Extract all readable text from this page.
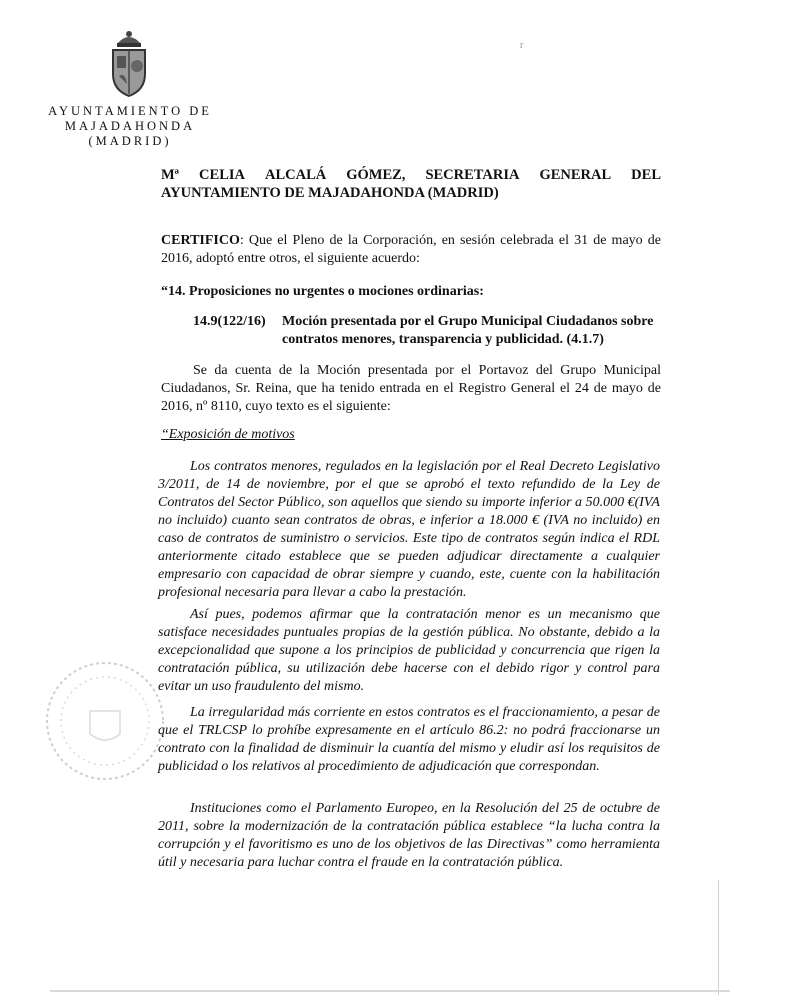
AYUNTAMIENTO DE
MAJADAHONDA
(MADRID)
r
Mª CELIA ALCALÁ GÓMEZ, SECRETARIA GENERAL DEL
AYUNTAMIENTO DE MAJADAHONDA (MADRID)
CERTIFICO: Que el Pleno de la Corporación, en sesión celebrada el 31 de mayo de 2016, adoptó entre otros, el siguiente acuerdo:
“14. Proposiciones no urgentes o mociones ordinarias:
14.9(122/16)	Moción presentada por el Grupo Municipal Ciudadanos sobre contratos menores, transparencia y publicidad. (4.1.7)
Se da cuenta de la Moción presentada por el Portavoz del Grupo Municipal Ciudadanos, Sr. Reina, que ha tenido entrada en el Registro General el 24 de mayo de 2016, nº 8110, cuyo texto es el siguiente:
“Exposición de motivos
Los contratos menores, regulados en la legislación por el Real Decreto Legislativo 3/2011, de 14 de noviembre, por el que se aprobó el texto refundido de la Ley de Contratos del Sector Público, son aquellos que siendo su importe inferior a 50.000 €(IVA no incluido) cuanto sean contratos de obras, e inferior a 18.000 € (IVA no incluido) en caso de contratos de suministro o servicios. Este tipo de contratos según indica el RDL anteriormente citado establece que se pueden adjudicar directamente a cualquier empresario con capacidad de obrar siempre y cuando, este, cuente con la habilitación profesional necesaria para llevar a cabo la prestación.
Así pues, podemos afirmar que la contratación menor es un mecanismo que satisface necesidades puntuales propias de la gestión pública. No obstante, debido a la excepcionalidad que supone a los principios de publicidad y concurrencia que rigen la contratación pública, su utilización debe hacerse con el debido rigor y control para evitar un uso fraudulento del mismo.
La irregularidad más corriente en estos contratos es el fraccionamiento, a pesar de que el TRLCSP lo prohíbe expresamente en el artículo 86.2: no podrá fraccionarse un contrato con la finalidad de disminuir la cuantía del mismo y eludir así los requisitos de publicidad o los relativos al procedimiento de adjudicación que correspondan.
Instituciones como el Parlamento Europeo, en la Resolución del 25 de octubre de 2011, sobre la modernización de la contratación pública establece “la lucha contra la corrupción y el favoritismo es uno de los objetivos de las Directivas” como herramienta útil y necesaria para luchar contra el fraude en la contratación pública.
